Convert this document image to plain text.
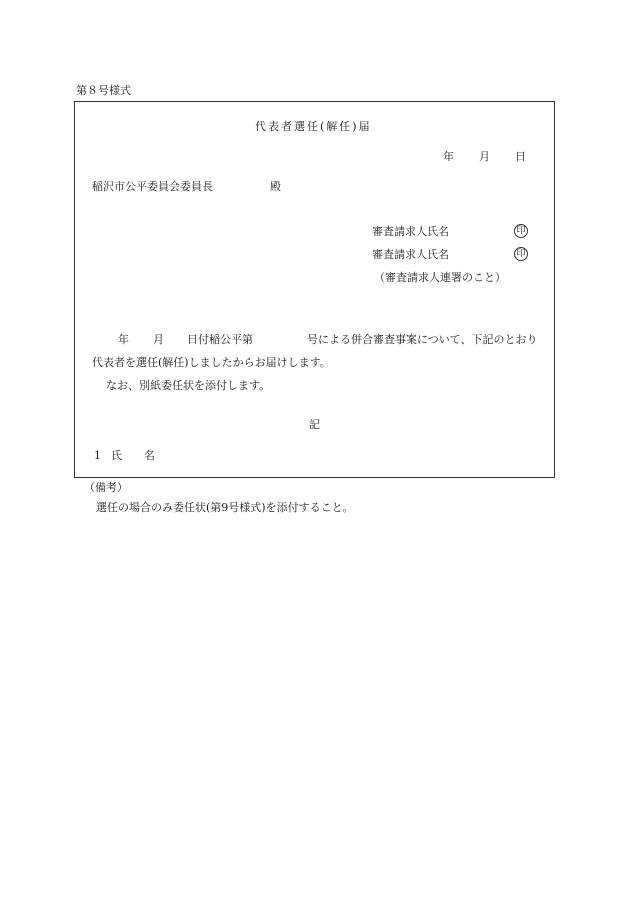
第８号様式
代表者選任(解任)届
年 月 日
稲沢市公平委員会委員長	殿
審査請求人氏名	印
審査請求人氏名	印
（審査請求人連署のこと）
年 月 日付稲公平第	号による併合審査事案について、下記のとおり
代表者を選任(解任)しましたからお届けします。
なお、別紙委任状を添付します。
記
1 氏　　名
（備考）
選任の場合のみ委任状(第9号様式)を添付すること。
